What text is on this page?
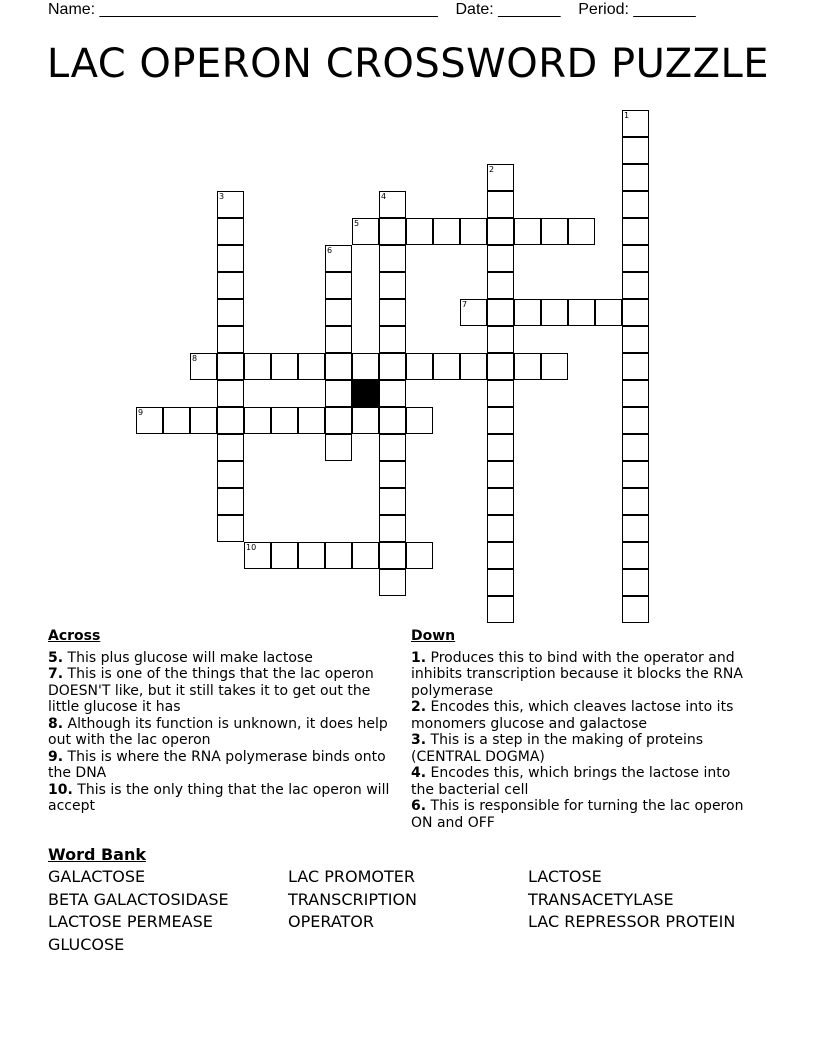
Name: ______________________________________    Date: _______    Period: _______
LAC OPERON CROSSWORD PUZZLE
1
2
3	4
5
6
7
8
9
10
Across
5. This plus glucose will make lactose
7. This is one of the things that the lac operon DOESN'T like, but it still takes it to get out the little glucose it has
8. Although its function is unknown, it does help out with the lac operon
9. This is where the RNA polymerase binds onto the DNA
10. This is the only thing that the lac operon will accept
Down
1. Produces this to bind with the operator and inhibits transcription because it blocks the RNA polymerase
2. Encodes this, which cleaves lactose into its monomers glucose and galactose
3. This is a step in the making of proteins (CENTRAL DOGMA)
4. Encodes this, which brings the lactose into the bacterial cell
6. This is responsible for turning the lac operon ON and OFF
Word Bank
GALACTOSE	LAC PROMOTER	LACTOSE
BETA GALACTOSIDASE	TRANSCRIPTION	TRANSACETYLASE
LACTOSE PERMEASE	OPERATOR	LAC REPRESSOR PROTEIN
GLUCOSE
